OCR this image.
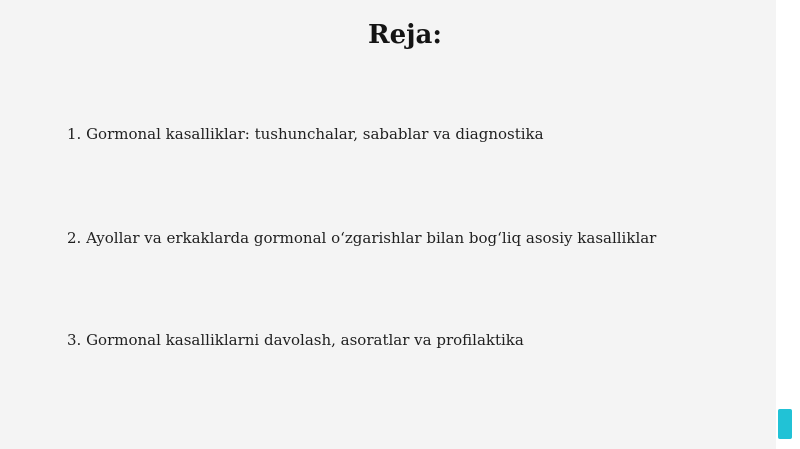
Reja:

1. Gormonal kasalliklar: tushunchalar, sabablar va diagnostika

2. Ayollar va erkaklarda gormonal o‘zgarishlar bilan bog‘liq asosiy kasalliklar

3. Gormonal kasalliklarni davolash, asoratlar va profilaktika
